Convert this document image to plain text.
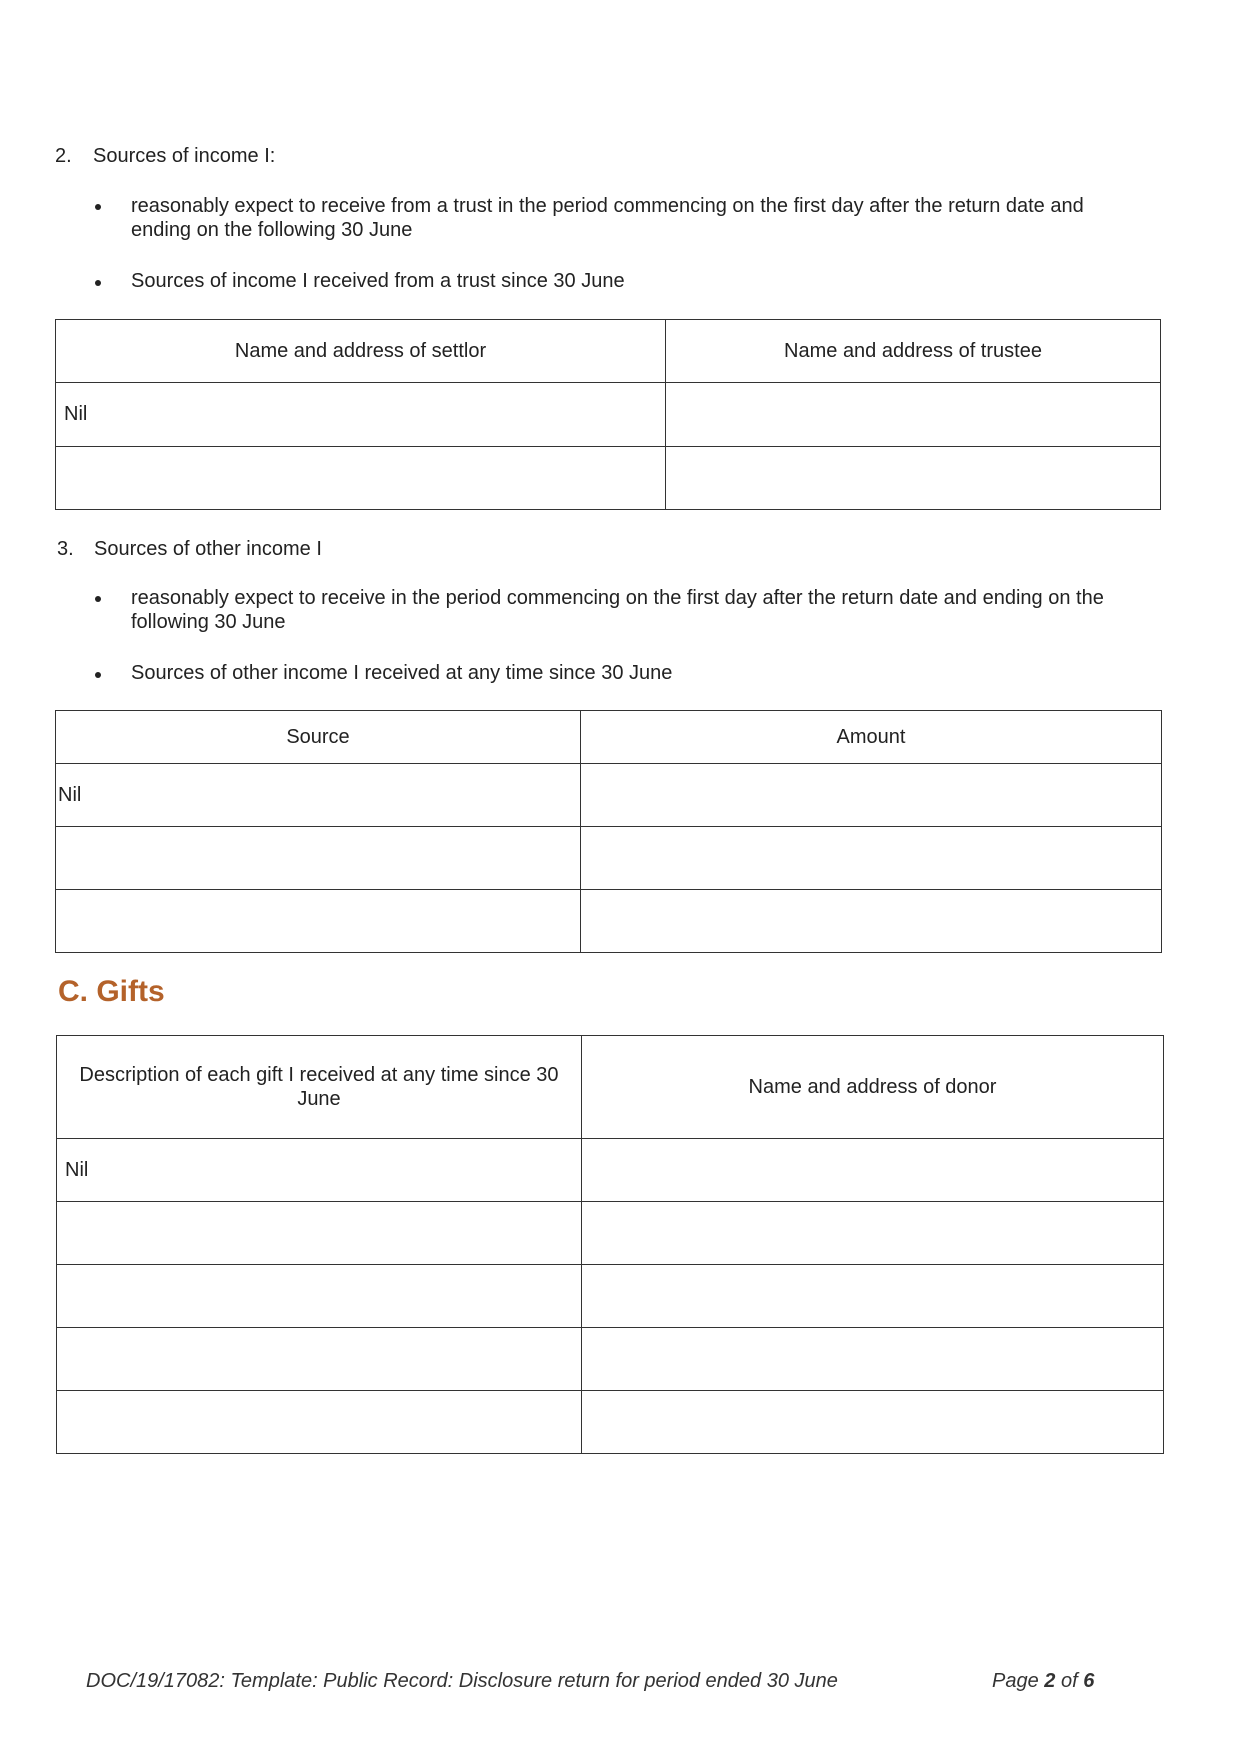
2. Sources of income I:
reasonably expect to receive from a trust in the period commencing on the first day after the return date and ending on the following 30 June
Sources of income I received from a trust since 30 June
Name and address of settlor	Name and address of trustee
Nil	

3. Sources of other income I
reasonably expect to receive in the period commencing on the first day after the return date and ending on the following 30 June
Sources of other income I received at any time since 30 June
Source	Amount
Nil	

C. Gifts
Description of each gift I received at any time since 30 June	Name and address of donor
Nil	

DOC/19/17082: Template: Public Record: Disclosure return for period ended 30 June	Page 2 of 6
